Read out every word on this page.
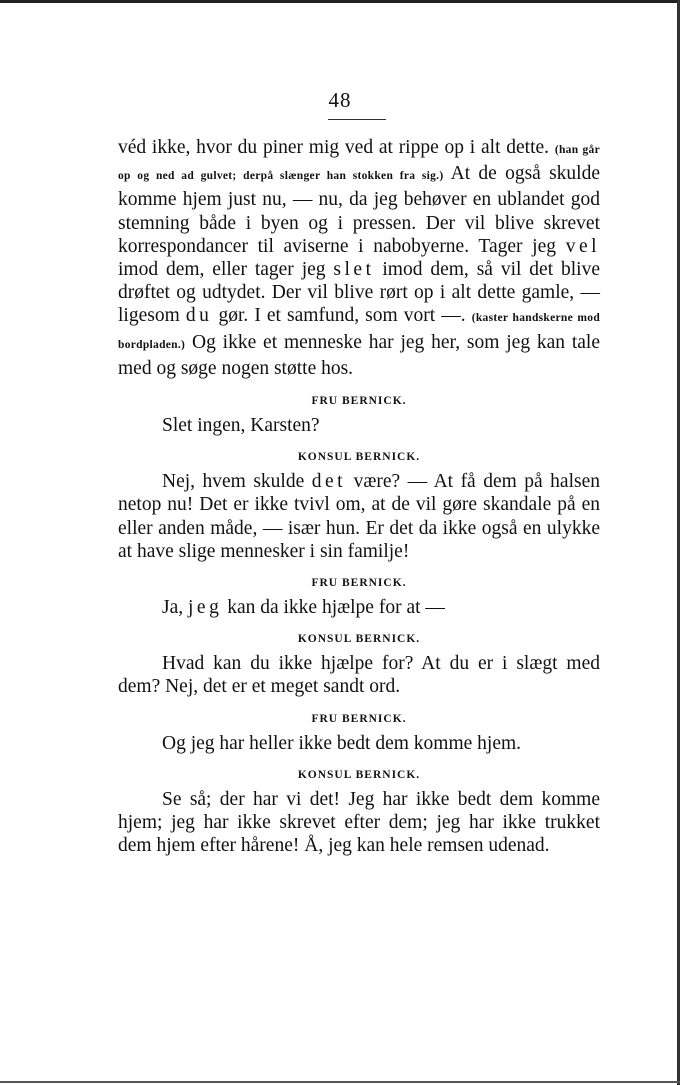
48

véd ikke, hvor du piner mig ved at rippe op i alt dette. (han går op og ned ad gulvet; derpå slænger han stokken fra sig.) At de også skulde komme hjem just nu, — nu, da jeg behøver en ublandet god stemning både i byen og i pressen. Der vil blive skrevet korrespondancer til aviserne i nabobyerne. Tager jeg vel imod dem, eller tager jeg slet imod dem, så vil det blive drøftet og udtydet. Der vil blive rørt op i alt dette gamle, — ligesom du gør. I et samfund, som vort —. (kaster handskerne mod bordpladen.) Og ikke et menneske har jeg her, som jeg kan tale med og søge nogen støtte hos.

FRU BERNICK.

Slet ingen, Karsten?

KONSUL BERNICK.

Nej, hvem skulde det være? — At få dem på halsen netop nu! Det er ikke tvivl om, at de vil gøre skandale på en eller anden måde, — især hun. Er det da ikke også en ulykke at have slige mennesker i sin familje!

FRU BERNICK.

Ja, jeg kan da ikke hjælpe for at —

KONSUL BERNICK.

Hvad kan du ikke hjælpe for? At du er i slægt med dem? Nej, det er et meget sandt ord.

FRU BERNICK.

Og jeg har heller ikke bedt dem komme hjem.

KONSUL BERNICK.

Se så; der har vi det! Jeg har ikke bedt dem komme hjem; jeg har ikke skrevet efter dem; jeg har ikke trukket dem hjem efter hårene! Å, jeg kan hele remsen udenad.
